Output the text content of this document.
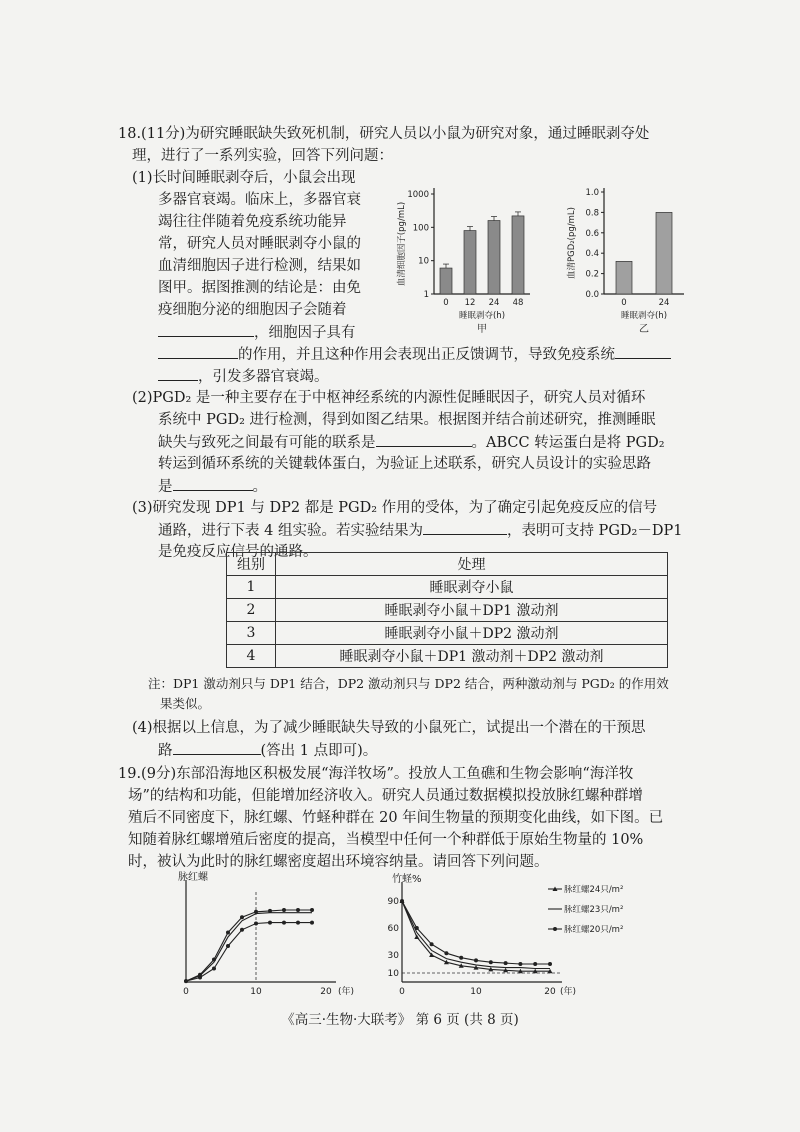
18.(11分)为研究睡眠缺失致死机制，研究人员以小鼠为研究对象，通过睡眠剥夺处
理，进行了一系列实验，回答下列问题：
(1)长时间睡眠剥夺后，小鼠会出现
多器官衰竭。临床上，多器官衰
竭往往伴随着免疫系统功能异
常，研究人员对睡眠剥夺小鼠的
血清细胞因子进行检测，结果如
图甲。据图推测的结论是：由免
疫细胞分泌的细胞因子会随着
，细胞因子具有
的作用，并且这种作用会表现出正反馈调节，导致免疫系统
，引发多器官衰竭。
1
10
100
1000
0 12 24 48
睡眠剥夺(h)
甲
血清细胞因子(pg/mL)
0.0
0.2
0.4
0.6
0.8
1.0
0	24
睡眠剥夺(h)
乙
血清PGD₂(pg/mL)
(2)PGD₂ 是一种主要存在于中枢神经系统的内源性促睡眠因子，研究人员对循环
系统中 PGD₂ 进行检测，得到如图乙结果。根据图并结合前述研究，推测睡眠
缺失与致死之间最有可能的联系是	。ABCC 转运蛋白是将 PGD₂
转运到循环系统的关键载体蛋白，为验证上述联系，研究人员设计的实验思路
是	。
(3)研究发现 DP1 与 DP2 都是 PGD₂ 作用的受体，为了确定引起免疫反应的信号
通路，进行下表 4 组实验。若实验结果为	，表明可支持 PGD₂－DP1
是免疫反应信号的通路。
组别	处理
1	睡眠剥夺小鼠
2	睡眠剥夺小鼠＋DP1 激动剂
3	睡眠剥夺小鼠＋DP2 激动剂
4	睡眠剥夺小鼠＋DP1 激动剂＋DP2 激动剂
注：DP1 激动剂只与 DP1 结合，DP2 激动剂只与 DP2 结合，两种激动剂与 PGD₂ 的作用效
果类似。
(4)根据以上信息，为了减少睡眠缺失导致的小鼠死亡，试提出一个潜在的干预思
路	(答出 1 点即可)。
19.(9分)东部沿海地区积极发展“海洋牧场”。投放人工鱼礁和生物会影响“海洋牧
场”的结构和功能，但能增加经济收入。研究人员通过数据模拟投放脉红螺种群增
殖后不同密度下，脉红螺、竹蛏种群在 20 年间生物量的预期变化曲线，如下图。已
知随着脉红螺增殖后密度的提高，当模型中任何一个种群低于原始生物量的 10%
时，被认为此时的脉红螺密度超出环境容纳量。请回答下列问题。
脉红螺
0	10	20 (年)
竹蛏%
10
30
60
90
0	10	20 (年)
脉红螺24只/m²
脉红螺23只/m²
脉红螺20只/m²
《高三·生物·大联考》 第 6 页 (共 8 页)
